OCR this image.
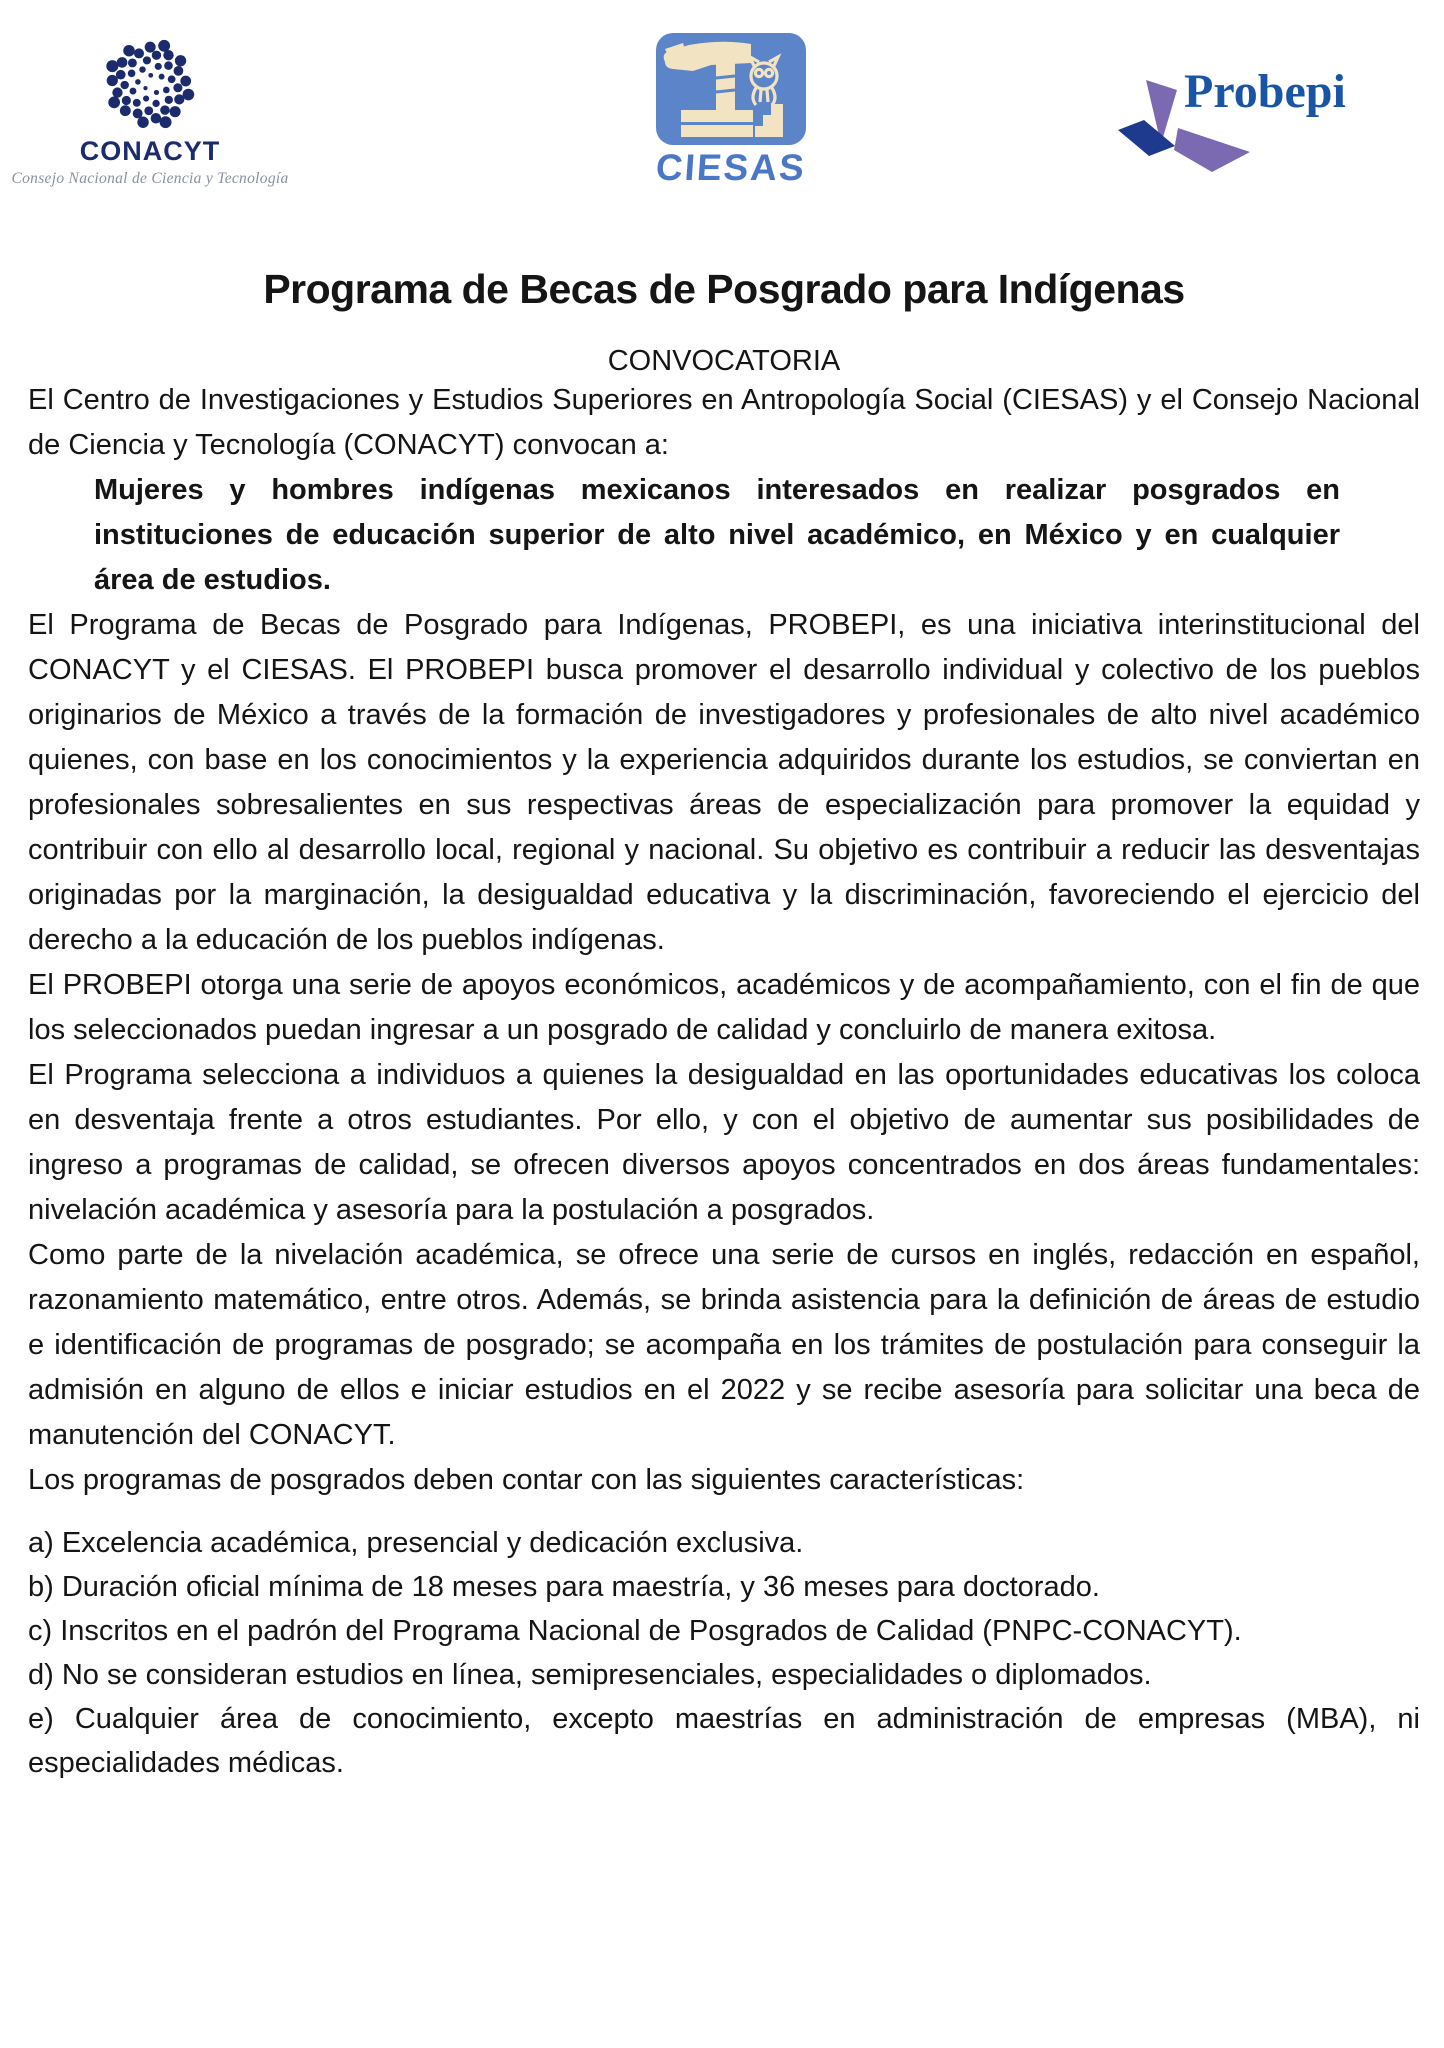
CONACYT
Consejo Nacional de Ciencia y Tecnología	CIESAS
Probepi
Programa de Becas de Posgrado para Indígenas
CONVOCATORIA

El Centro de Investigaciones y Estudios Superiores en Antropología Social (CIESAS) y el Consejo Nacional de Ciencia y Tecnología (CONACYT) convocan a:

Mujeres y hombres indígenas mexicanos interesados en realizar posgrados en instituciones de educación superior de alto nivel académico, en México y en cualquier área de estudios.

El Programa de Becas de Posgrado para Indígenas, PROBEPI, es una iniciativa interinstitucional del CONACYT y el CIESAS. El PROBEPI busca promover el desarrollo individual y colectivo de los pueblos originarios de México a través de la formación de investigadores y profesionales de alto nivel académico quienes, con base en los conocimientos y la experiencia adquiridos durante los estudios, se conviertan en profesionales sobresalientes en sus respectivas áreas de especialización para promover la equidad y contribuir con ello al desarrollo local, regional y nacional. Su objetivo es contribuir a reducir las desventajas originadas por la marginación, la desigualdad educativa y la discriminación, favoreciendo el ejercicio del derecho a la educación de los pueblos indígenas.

El PROBEPI otorga una serie de apoyos económicos, académicos y de acompañamiento, con el fin de que los seleccionados puedan ingresar a un posgrado de calidad y concluirlo de manera exitosa.

El Programa selecciona a individuos a quienes la desigualdad en las oportunidades educativas los coloca en desventaja frente a otros estudiantes. Por ello, y con el objetivo de aumentar sus posibilidades de ingreso a programas de calidad, se ofrecen diversos apoyos concentrados en dos áreas fundamentales: nivelación académica y asesoría para la postulación a posgrados.

Como parte de la nivelación académica, se ofrece una serie de cursos en inglés, redacción en español, razonamiento matemático, entre otros. Además, se brinda asistencia para la definición de áreas de estudio e identificación de programas de posgrado; se acompaña en los trámites de postulación para conseguir la admisión en alguno de ellos e iniciar estudios en el 2022 y se recibe asesoría para solicitar una beca de manutención del CONACYT.

Los programas de posgrados deben contar con las siguientes características:

a) Excelencia académica, presencial y dedicación exclusiva.
b) Duración oficial mínima de 18 meses para maestría, y 36 meses para doctorado.
c) Inscritos en el padrón del Programa Nacional de Posgrados de Calidad (PNPC-CONACYT).
d) No se consideran estudios en línea, semipresenciales, especialidades o diplomados.
e) Cualquier área de conocimiento, excepto maestrías en administración de empresas (MBA), ni especialidades médicas.
